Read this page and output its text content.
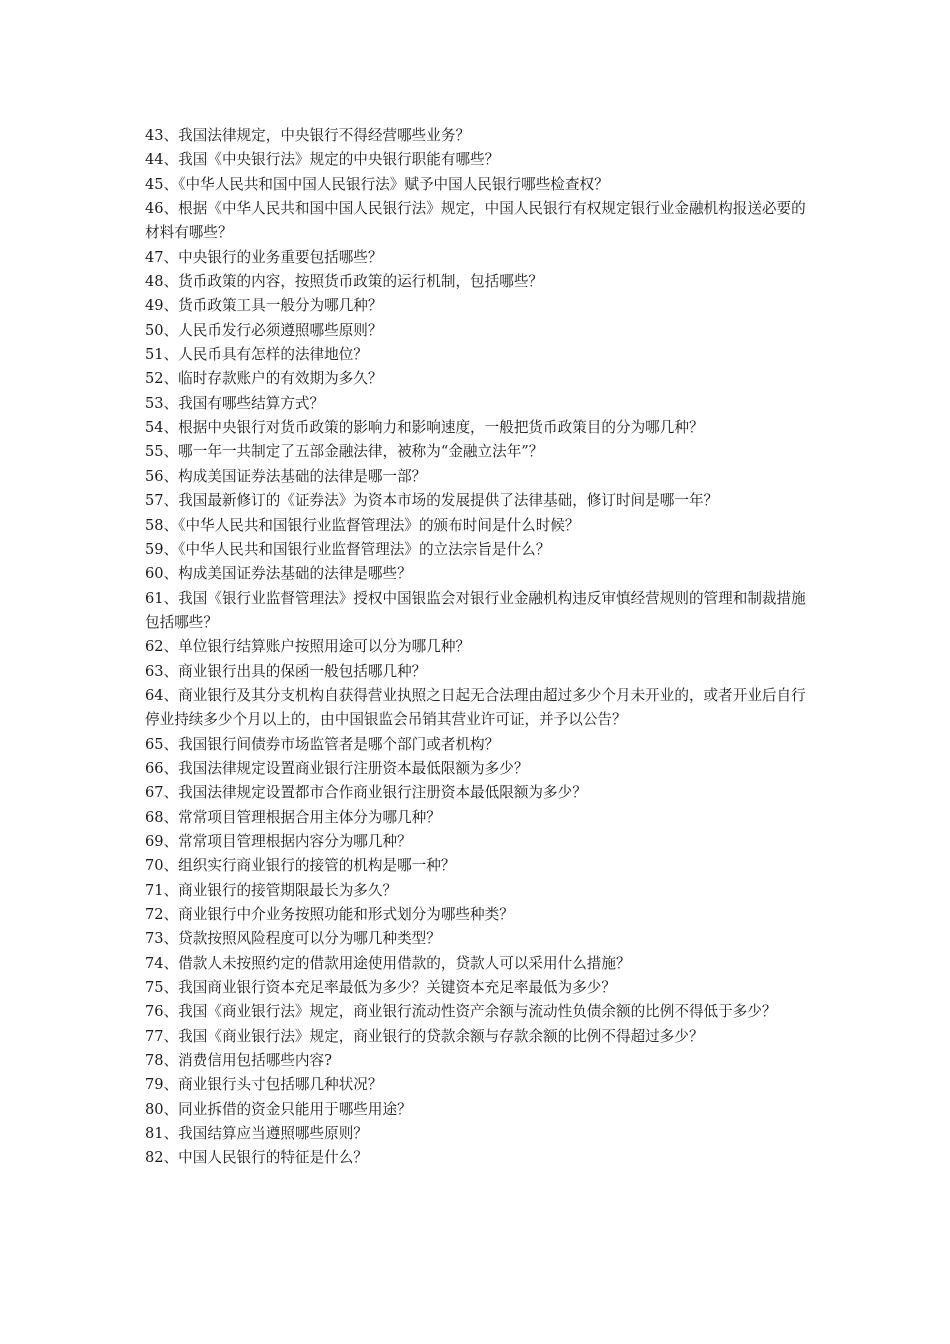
43、我国法律规定，中央银行不得经营哪些业务？

44、我国《中央银行法》规定的中央银行职能有哪些？

45、《中华人民共和国中国人民银行法》赋予中国人民银行哪些检查权？

46、根据《中华人民共和国中国人民银行法》规定，中国人民银行有权规定银行业金融机构报送必要的材料有哪些？

47、中央银行的业务重要包括哪些？

48、货币政策的内容，按照货币政策的运行机制，包括哪些？

49、货币政策工具一般分为哪几种？

50、人民币发行必须遵照哪些原则？

51、人民币具有怎样的法律地位？

52、临时存款账户的有效期为多久？

53、我国有哪些结算方式？

54、根据中央银行对货币政策的影响力和影响速度，一般把货币政策目的分为哪几种？

55、哪一年一共制定了五部金融法律，被称为“金融立法年”？

56、构成美国证券法基础的法律是哪一部？

57、我国最新修订的《证券法》为资本市场的发展提供了法律基础，修订时间是哪一年？

58、《中华人民共和国银行业监督管理法》的颁布时间是什么时候？

59、《中华人民共和国银行业监督管理法》的立法宗旨是什么？

60、构成美国证券法基础的法律是哪些？

61、我国《银行业监督管理法》授权中国银监会对银行业金融机构违反审慎经营规则的管理和制裁措施包括哪些？

62、单位银行结算账户按照用途可以分为哪几种？

63、商业银行出具的保函一般包括哪几种？

64、商业银行及其分支机构自获得营业执照之日起无合法理由超过多少个月未开业的，或者开业后自行停业持续多少个月以上的，由中国银监会吊销其营业许可证，并予以公告？

65、我国银行间债券市场监管者是哪个部门或者机构？

66、我国法律规定设置商业银行注册资本最低限额为多少？

67、我国法律规定设置都市合作商业银行注册资本最低限额为多少？

68、常常项目管理根据合用主体分为哪几种？

69、常常项目管理根据内容分为哪几种？

70、组织实行商业银行的接管的机构是哪一种？

71、商业银行的接管期限最长为多久？

72、商业银行中介业务按照功能和形式划分为哪些种类？

73、贷款按照风险程度可以分为哪几种类型？

74、借款人未按照约定的借款用途使用借款的，贷款人可以采用什么措施？

75、我国商业银行资本充足率最低为多少？关键资本充足率最低为多少？

76、我国《商业银行法》规定，商业银行流动性资产余额与流动性负债余额的比例不得低于多少？

77、我国《商业银行法》规定，商业银行的贷款余额与存款余额的比例不得超过多少？

78、消费信用包括哪些内容?

79、商业银行头寸包括哪几种状况？

80、同业拆借的资金只能用于哪些用途？

81、我国结算应当遵照哪些原则？

82、中国人民银行的特征是什么？
